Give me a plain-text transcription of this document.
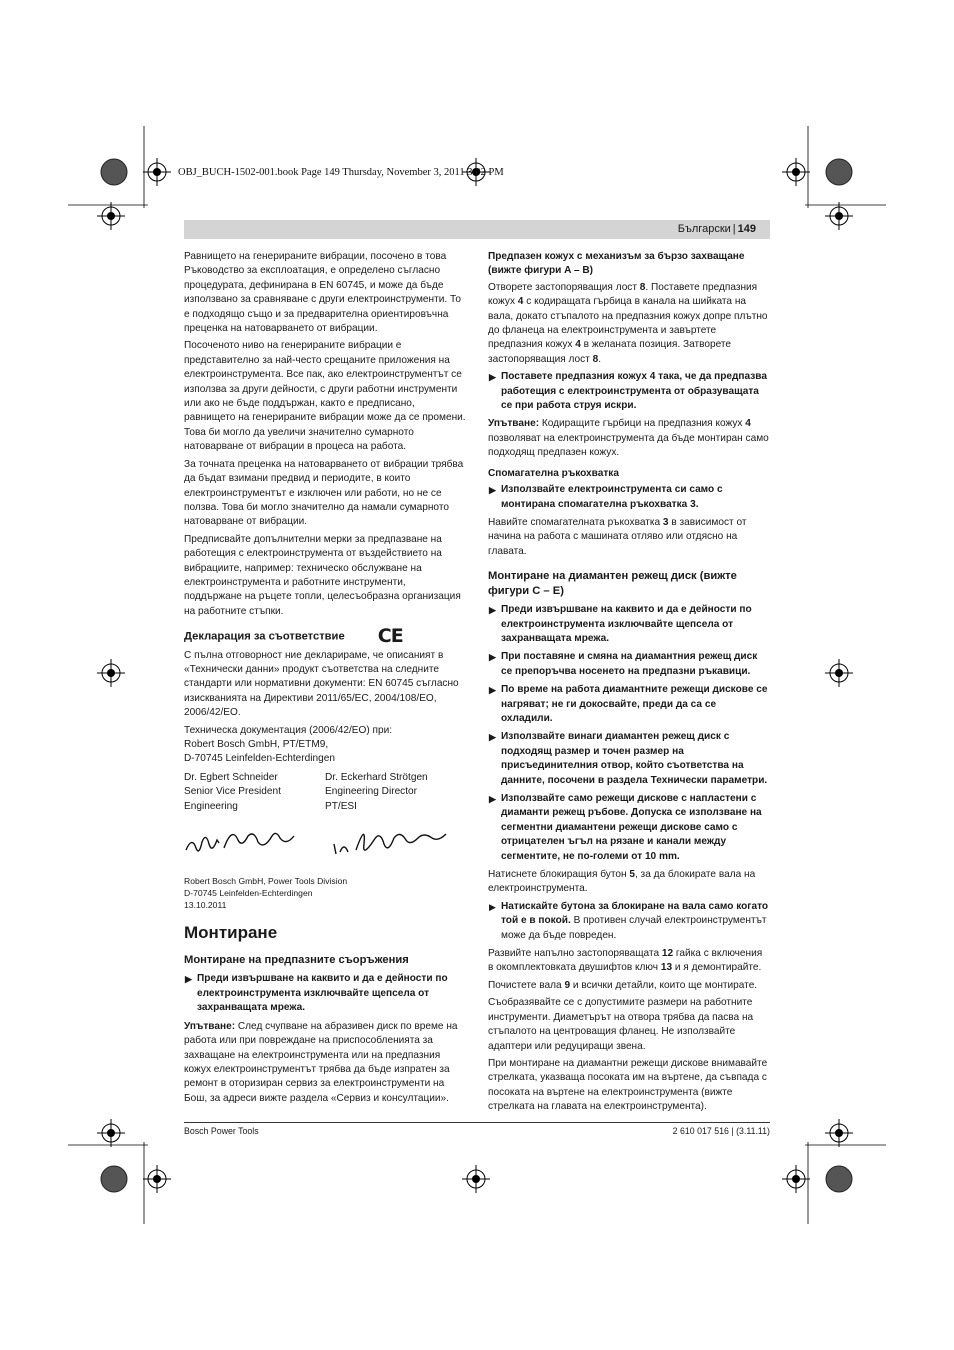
OBJ_BUCH-1502-001.book Page 149 Thursday, November 3, 2011 3:02 PM
Български | 149

Равнището на генерираните вибрации, посочено в това Ръководство за експлоатация, е определено съгласно процедурата, дефинирана в EN 60745, и може да бъде използвано за сравняване с други електроинструменти. То е подходящо също и за предварителна ориентировъчна преценка на натоварването от вибрации.

Посоченото ниво на генерираните вибрации е представително за най-често срещаните приложения на електроинструмента. Все пак, ако електроинструментът се използва за други дейности, с други работни инструменти или ако не бъде поддържан, както е предписано, равнището на генерираните вибрации може да се промени. Това би могло да увеличи значително сумарното натоварване от вибрации в процеса на работа.

За точната преценка на натоварването от вибрации трябва да бъдат взимани предвид и периодите, в които електроинструментът е изключен или работи, но не се ползва. Това би могло значително да намали сумарното натоварване от вибрации.

Предписвайте допълнителни мерки за предпазване на работещия с електроинструмента от въздействието на вибрациите, например: техническо обслужване на електроинструмента и работните инструменти, поддържане на ръцете топли, целесъобразна организация на работните стъпки.

Декларация за съответствие CE

С пълна отговорност ние декларираме, че описаният в «Технически данни» продукт съответства на следните стандарти или нормативни документи: EN 60745 съгласно изискванията на Директиви 2011/65/EC, 2004/108/EO, 2006/42/EO.

Техническа документация (2006/42/ЕО) при:
Robert Bosch GmbH, PT/ETM9,
D-70745 Leinfelden-Echterdingen

Dr. Egbert Schneider
Senior Vice President
Engineering
Dr. Eckerhard Strötgen
Engineering Director
PT/ESI
Robert Bosch GmbH, Power Tools Division
D-70745 Leinfelden-Echterdingen
13.10.2011
Монтиране
Монтиране на предпазните съоръжения
▶ Преди извършване на каквито и да е дейности по електроинструмента изключвайте щепсела от захранващата мрежа.

Упътване: След счупване на абразивен диск по време на работа или при повреждане на приспособленията за захващане на електроинструмента или на предпазния кожух електроинструментът трябва да бъде изпратен за ремонт в оторизиран сервиз за електроинструменти на Бош, за адреси вижте раздела «Сервиз и консултации».

Предпазен кожух с механизъм за бързо захващане (вижте фигури A – B)

Отворете застопоряващия лост 8. Поставете предпазния кожух 4 с кодиращата гърбица в канала на шийката на вала, докато стъпалото на предпазния кожух допре плътно до фланеца на електроинструмента и завъртете предпазния кожух 4 в желаната позиция. Затворете застопоряващия лост 8.

▶ Поставете предпазния кожух 4 така, че да предпазва работещия с електроинструмента от образуващата се при работа струя искри.

Упътване: Кодиращите гърбици на предпазния кожух 4 позволяват на електроинструмента да бъде монтиран само подходящ предпазен кожух.

Спомагателна ръкохватка
▶ Използвайте електроинструмента си само с монтирана спомагателна ръкохватка 3.

Навийте спомагателната ръкохватка 3 в зависимост от начина на работа с машината отляво или отдясно на главата.

Монтиране на диамантен режещ диск (вижте фигури C – E)
▶ Преди извършване на каквито и да е дейности по електроинструмента изключвайте щепсела от захранващата мрежа.
▶ При поставяне и смяна на диамантния режещ диск се препоръчва носенето на предпазни ръкавици.
▶ По време на работа диамантните режещи дискове се нагряват; не ги докосвайте, преди да са се охладили.
▶ Използвайте винаги диамантен режещ диск с подходящ размер и точен размер на присъединителния отвор, който съответства на данните, посочени в раздела Технически параметри.
▶ Използвайте само режещи дискове с напластени с диаманти режещ ръбове. Допуска се използване на сегментни диамантени режещи дискове само с отрицателен ъгъл на рязане и канали между сегментите, не по-големи от 10 mm.

Натиснете блокиращия бутон 5, за да блокирате вала на електроинструмента.

▶ Натискайте бутона за блокиране на вала само когато той е в покой. В противен случай електроинструментът може да бъде повреден.

Развийте напълно застопоряващата 12 гайка с включения в окомплектовката двушифтов ключ 13 и я демонтирайте.

Почистете вала 9 и всички детайли, които ще монтирате.

Съобразявайте се с допустимите размери на работните инструменти. Диаметърът на отвора трябва да пасва на стъпалото на центроващия фланец. Не използвайте адаптери или редуциращи звена.

При монтиране на диамантни режещи дискове внимавайте стрелката, указваща посоката им на въртене, да съвпада с посоката на въртене на електроинструмента (вижте стрелката на главата на електроинструмента).

Bosch Power Tools	2 610 017 516 | (3.11.11)
